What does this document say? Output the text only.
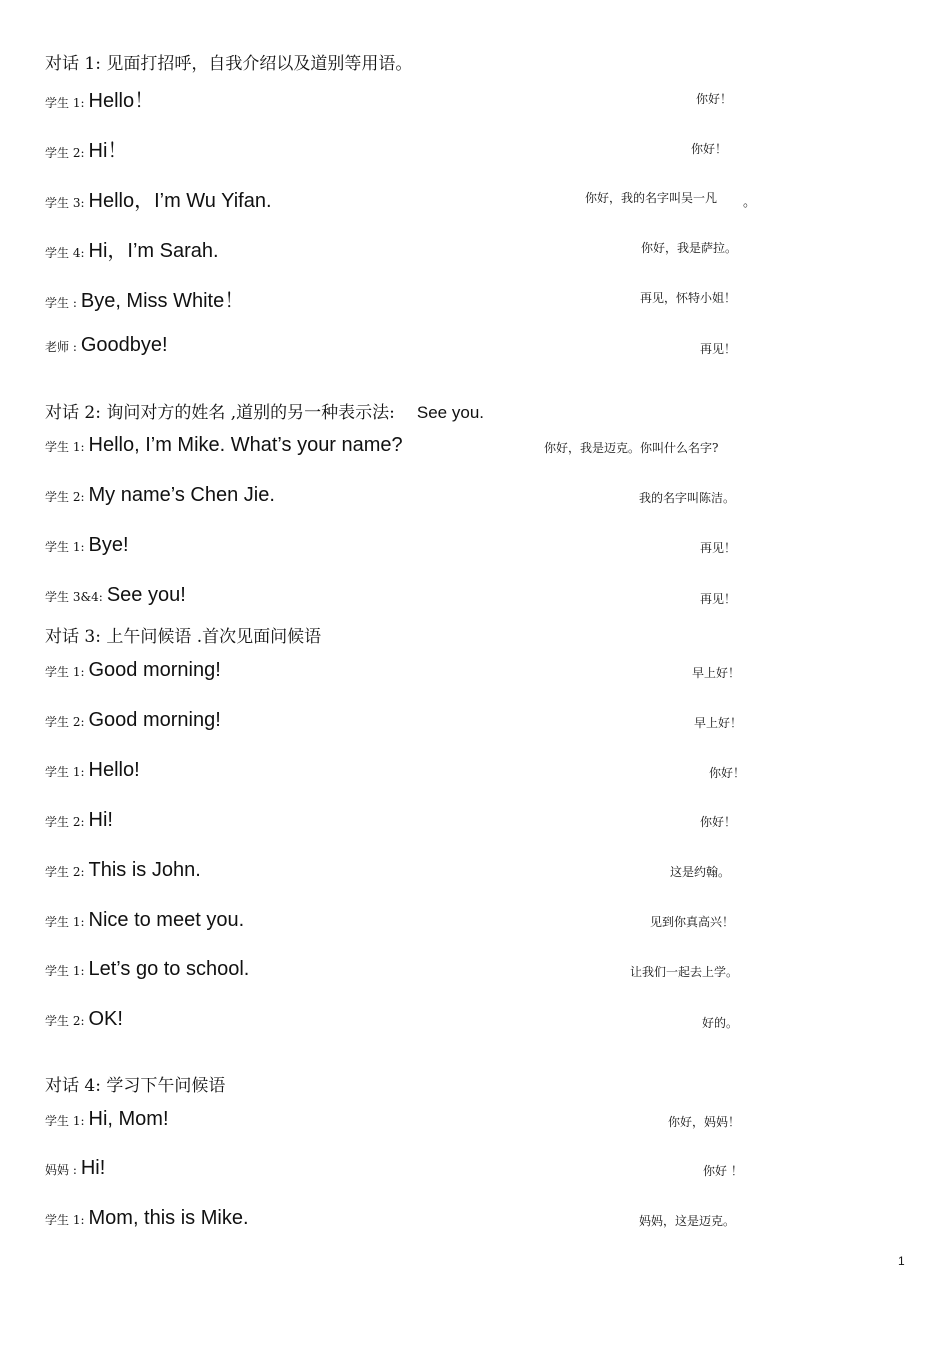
对话 1: 见面打招呼，自我介绍以及道别等用语。
学生 1: Hello！	你好！
学生 2: Hi！	你好！
学生 3: Hello，I’m Wu Yifan.	你好，我的名字叫吴一凡 。
学生 4: Hi，I’m Sarah.	你好，我是萨拉。
学生 : Bye, Miss White！	再见，怀特小姐！
老师 : Goodbye!	再见！
对话 2: 询问对方的姓名 ,道别的另一种表示法: See you.
学生 1: Hello, I’m Mike. What’s your name?	你好，我是迈克。你叫什么名字?
学生 2: My name’s Chen Jie.	我的名字叫陈洁。
学生 1: Bye!	再见！
学生 3&4: See you!	再见！
对话 3: 上午问候语 .首次见面问候语
学生 1: Good morning!	早上好！
学生 2: Good morning!	早上好！
学生 1: Hello!	你好！
学生 2: Hi!	你好！
学生 2: This is John.	这是约翰。
学生 1: Nice to meet you.	见到你真高兴！
学生 1: Let’s go to school.	让我们一起去上学。
学生 2: OK!	好的。
对话 4: 学习下午问候语
学生 1: Hi, Mom!	你好，妈妈！
妈妈 : Hi!	你好 ！
学生 1: Mom, this is Mike.	妈妈，这是迈克。
1
